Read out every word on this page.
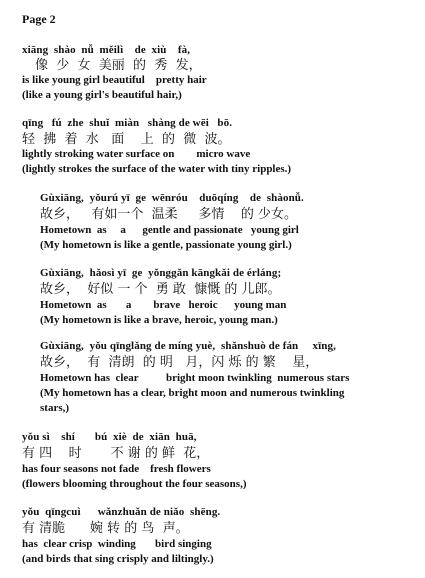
Page 2
xiāng  shào  nǚ  měilì    de  xiù    fà,
像  少  女  美丽  的  秀  发，
is like young girl beautiful    pretty hair
(like a young girl's beautiful hair,)
qīng   fú  zhe  shuǐ  miàn   shàng de wēi   bō.
轻  拂  着  水   面    上  的  微  波。
lightly stroking water surface on        micro wave
(lightly strokes the surface of the water with tiny ripples.)
Gùxiāng,  yǒurú yī  ge  wēnróu    duōqíng    de  shàonǚ.
故乡，   有如一个  温柔     多情    的 少女。
Hometown  as     a      gentle and passionate   young girl
(My hometown is like a gentle, passionate young girl.)
Gùxiāng,  hǎosì yī  ge  yǒnggǎn kāngkǎi de érláng;
故乡，  好似 一 个  勇 敢  慷慨 的 儿郎。
Hometown  as       a        brave   heroic      young man
(My hometown is like a brave, heroic, young man.)
Gùxiāng,  yǒu qīnglǎng de míng yuè,  shǎnshuò de fán     xīng,
故乡，  有  清朗  的 明   月，闪 烁 的 繁    星，
Hometown has  clear          bright moon twinkling  numerous stars
(My hometown has a clear, bright moon and numerous twinkling
stars,)
yǒu sì    shí       bú  xiè  de  xiān  huā,
有 四    时       不 谢 的 鲜  花，
has four seasons not fade    fresh flowers
(flowers blooming throughout the four seasons,)
yǒu  qīngcuì      wǎnzhuǎn de niǎo  shēng.
有 清脆      婉 转 的 鸟  声。
has  clear crisp  winding       bird singing
(and birds that sing crisply and liltingly.)
